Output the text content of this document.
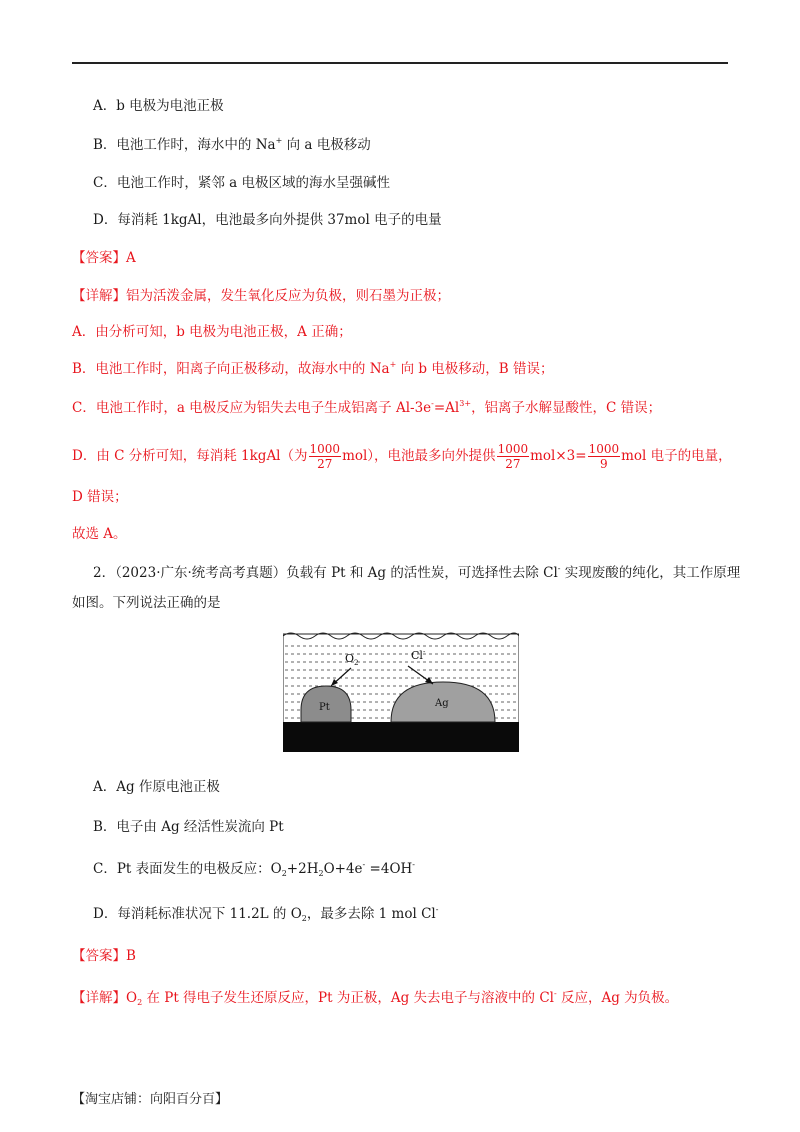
A．b 电极为电池正极
B．电池工作时，海水中的 Na+ 向 a 电极移动
C．电池工作时，紧邻 a 电极区域的海水呈强碱性
D．每消耗 1kgAl，电池最多向外提供 37mol 电子的电量
【答案】A
【详解】铝为活泼金属，发生氧化反应为负极，则石墨为正极；
A．由分析可知，b 电极为电池正极，A 正确；
B．电池工作时，阳离子向正极移动，故海水中的 Na+ 向 b 电极移动，B 错误；
C．电池工作时，a 电极反应为铝失去电子生成铝离子 $Al-3e^-=Al^{3+}$，铝离子水解显酸性，C 错误；
D．由 C 分析可知，每消耗 1kgAl（为 $\frac{1000}{27} mol$），电池最多向外提供 $\frac{1000}{27} mol\times 3= \frac{1000}{9}$ mol 电子的电量，
D 错误；
故选 A。
2．（2023·广东·统考高考真题）负载有 Pt 和 Ag 的活性炭，可选择性去除 Cl- 实现废酸的纯化，其工作原理
如图。下列说法正确的是
$O_2$
Cl-
Pt	Ag
A．Ag 作原电池正极
B．电子由 Ag 经活性炭流向 Pt
C．Pt 表面发生的电极反应：$O_2+2H_2O+4e^- =4OH^-$
D．每消耗标准状况下 11.2L 的 $O_2$，最多去除 1 mol Cl-
【答案】B
【详解】$O_2$ 在 Pt 得电子发生还原反应，Pt 为正极，Ag 失去电子与溶液中的 Cl- 反应，Ag 为负极。
【淘宝店铺：向阳百分百】
